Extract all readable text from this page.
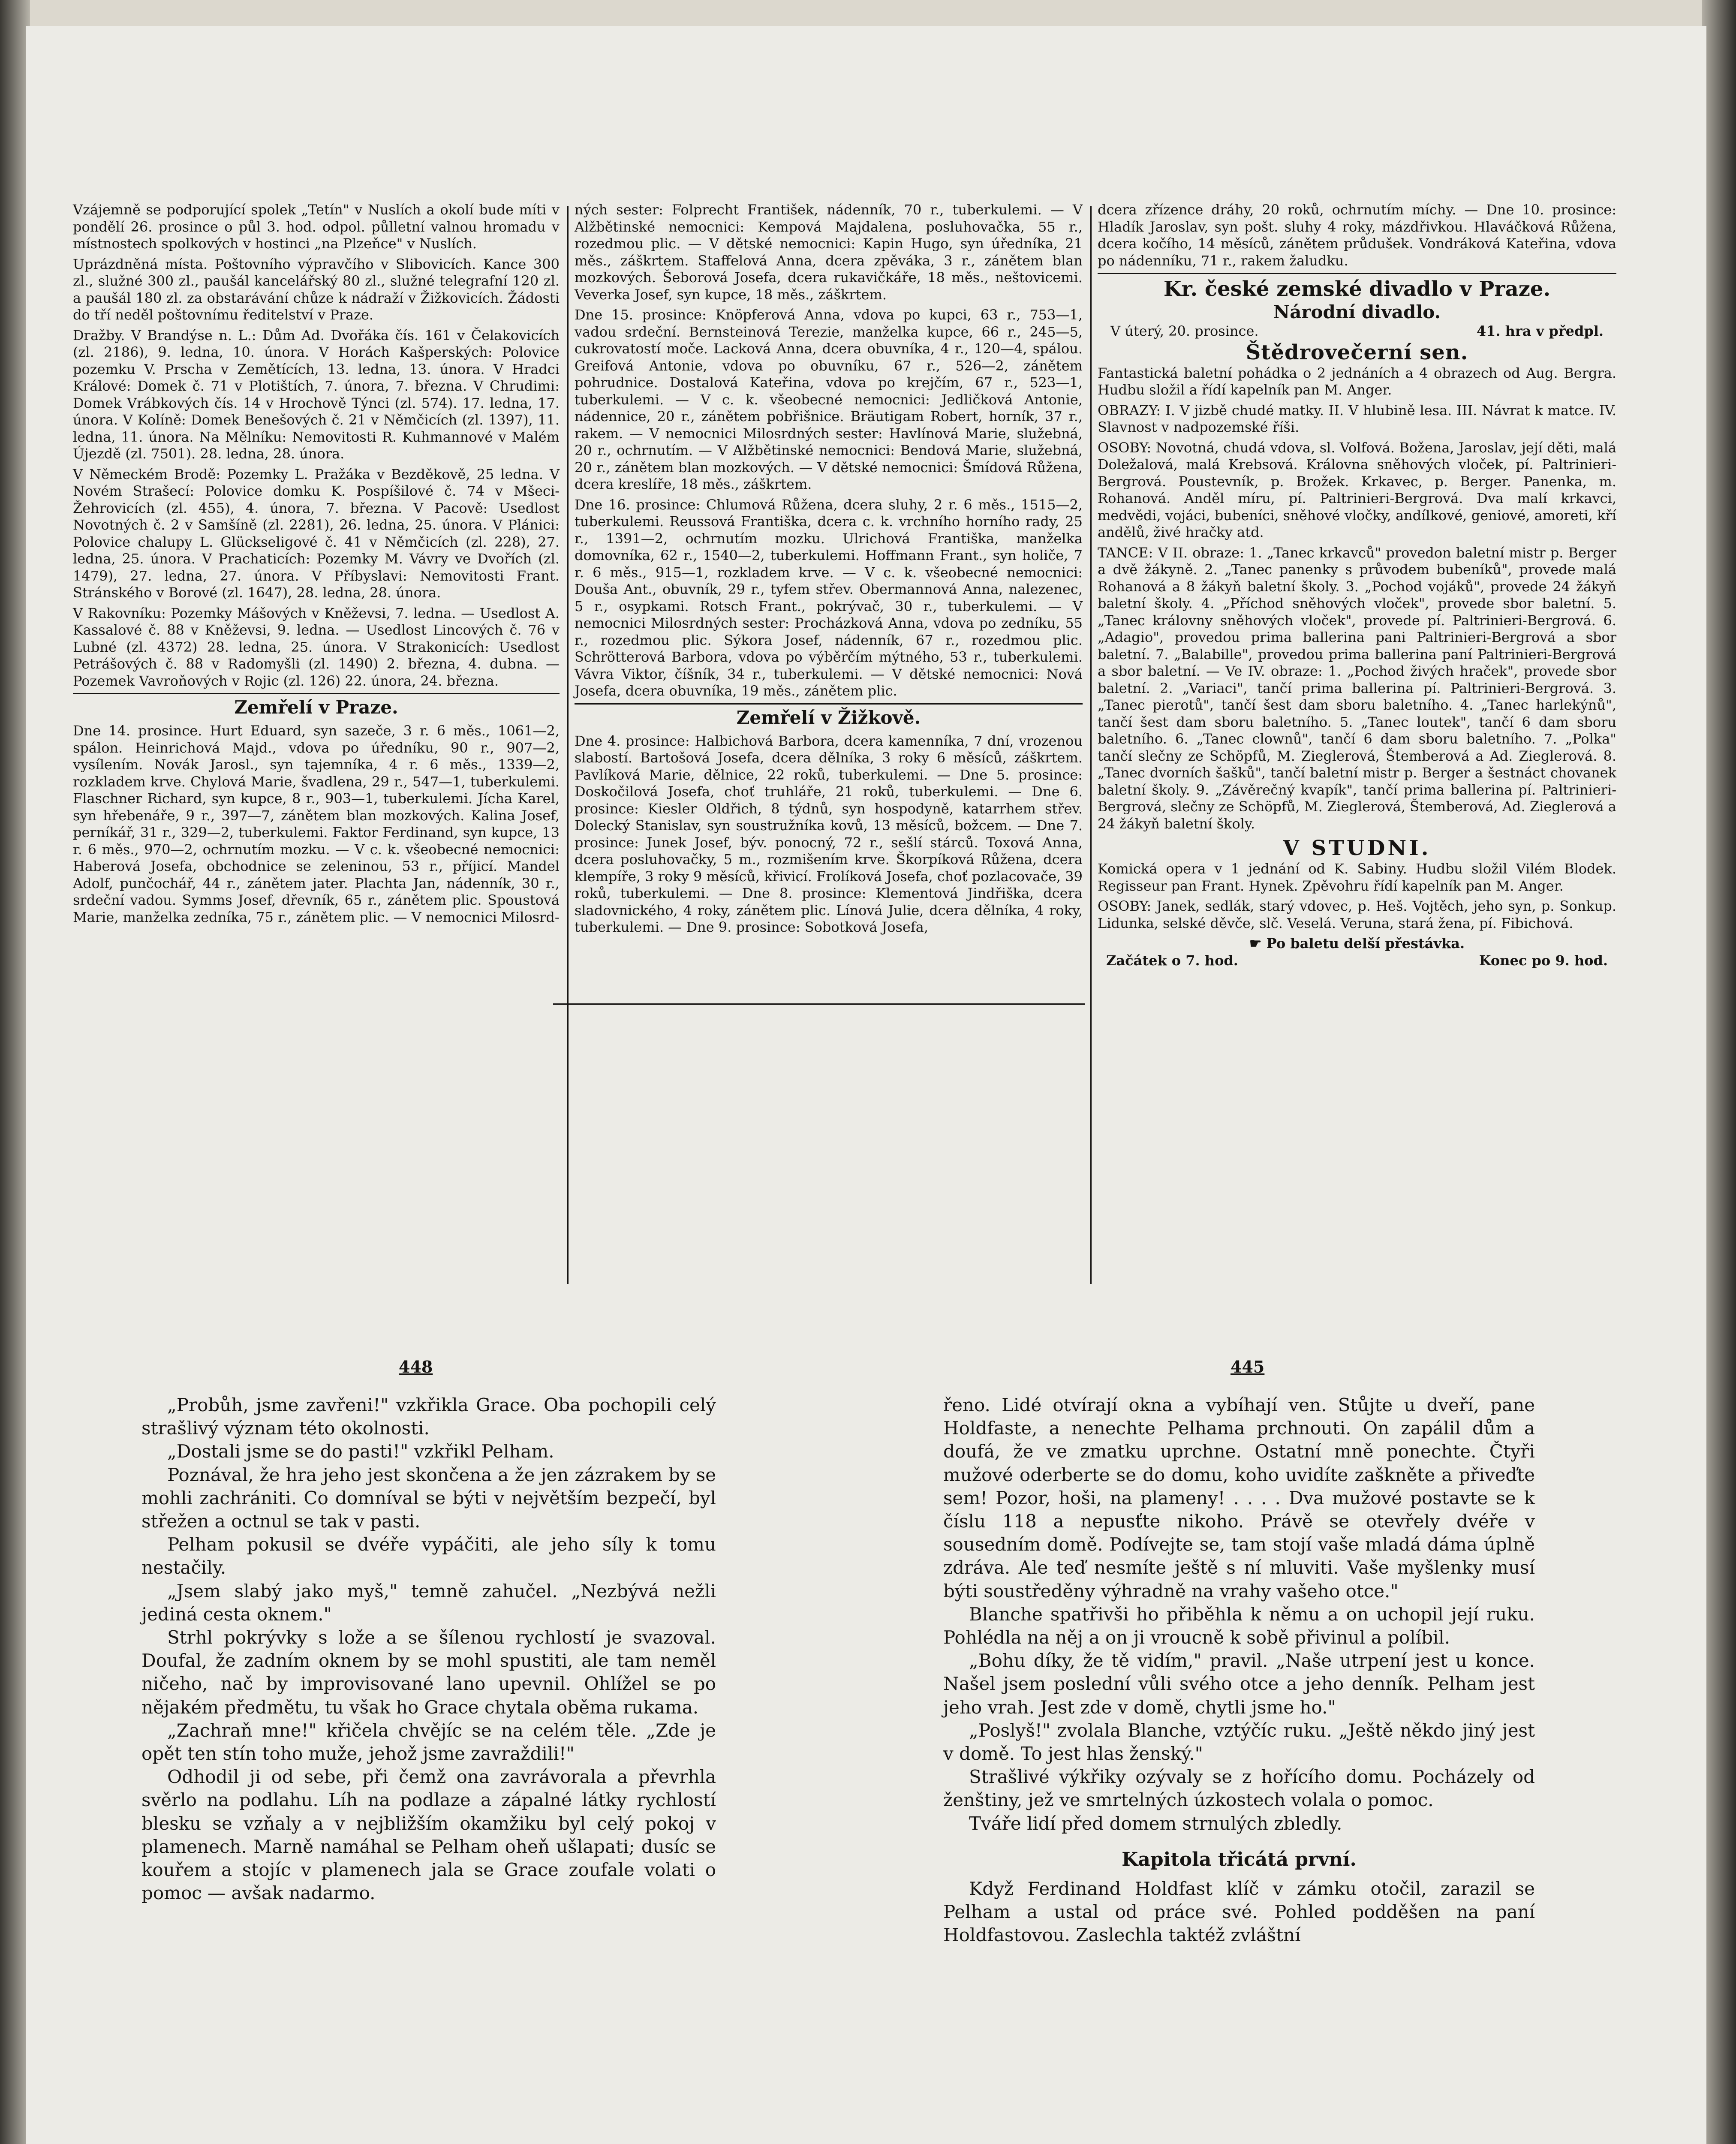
Vzájemně se podporující spolek „Tetín" v Nuslích a okolí bude míti v pondělí 26. prosince o půl 3. hod. odpol. půlletní valnou hromadu v místnostech spolkových v hostinci „na Plzeňce" v Nuslích.

Uprázdněná místa. Poštovního výpravčího v Slibovicích. Kance 300 zl., služné 300 zl., paušál kancelářský 80 zl., služné telegrafní 120 zl. a paušál 180 zl. za obstarávání chůze k nádraží v Žižkovicích. Žádosti do tří neděl poštovnímu ředitelství v Praze.

Dražby. V Brandýse n. L.: Dům Ad. Dvořáka čís. 161 v Čelakovicích (zl. 2186), 9. ledna, 10. února. V Horách Kašperských: Polovice pozemku V. Prscha v Zemětících, 13. ledna, 13. února. V Hradci Králové: Domek č. 71 v Plotištích, 7. února, 7. března. V Chrudimi: Domek Vrábkových čís. 14 v Hrochově Týnci (zl. 574). 17. ledna, 17. února. V Kolíně: Domek Benešových č. 21 v Němčicích (zl. 1397), 11. ledna, 11. února. Na Mělníku: Nemovitosti R. Kuhmannové v Malém Újezdě (zl. 7501). 28. ledna, 28. února.

V Německém Brodě: Pozemky L. Pražáka v Bezděkově, 25 ledna. V Novém Strašecí: Polovice domku K. Pospíšilové č. 74 v Mšeci-Žehrovicích (zl. 455), 4. února, 7. března. V Pacově: Usedlost Novotných č. 2 v Samšíně (zl. 2281), 26. ledna, 25. února. V Plánici: Polovice chalupy L. Glückseligové č. 41 v Němčicích (zl. 228), 27. ledna, 25. února. V Prachaticích: Pozemky M. Vávry ve Dvořích (zl. 1479), 27. ledna, 27. února. V Příbyslavi: Nemovitosti Frant. Stránského v Borové (zl. 1647), 28. ledna, 28. února.

V Rakovníku: Pozemky Mášových v Kněževsi, 7. ledna. — Usedlost A. Kassalové č. 88 v Kněževsi, 9. ledna. — Usedlost Lincových č. 76 v Lubné (zl. 4372) 28. ledna, 25. února. V Strakonicích: Usedlost Petrášových č. 88 v Radomyšli (zl. 1490) 2. března, 4. dubna. — Pozemek Vavroňových v Rojic (zl. 126) 22. února, 24. března.

Zemřelí v Praze.

Dne 14. prosince. Hurt Eduard, syn sazeče, 3 r. 6 měs., 1061—2, spálon. Heinrichová Majd., vdova po úředníku, 90 r., 907—2, vysílením. Novák Jarosl., syn tajemníka, 4 r. 6 měs., 1339—2, rozkladem krve. Chylová Marie, švadlena, 29 r., 547—1, tuberkulemi. Flaschner Richard, syn kupce, 8 r., 903—1, tuberkulemi. Jícha Karel, syn hřebenáře, 9 r., 397—7, zánětem blan mozkových. Kalina Josef, perníkář, 31 r., 329—2, tuberkulemi. Faktor Ferdinand, syn kupce, 13 r. 6 měs., 970—2, ochrnutím mozku. — V c. k. všeobecné nemocnici: Haberová Josefa, obchodnice se zeleninou, 53 r., příjicí. Mandel Adolf, punčochář, 44 r., zánětem jater. Plachta Jan, nádenník, 30 r., srdeční vadou. Symms Josef, dřevník, 65 r., zánětem plic. Spoustová Marie, manželka zedníka, 75 r., zánětem plic. — V nemocnici Milosrd-

ných sester: Folprecht František, nádenník, 70 r., tuberkulemi. — V Alžbětinské nemocnici: Kempová Majdalena, posluhovačka, 55 r., rozedmou plic. — V dětské nemocnici: Kapin Hugo, syn úředníka, 21 měs., záškrtem. Staffelová Anna, dcera zpěváka, 3 r., zánětem blan mozkových. Šeborová Josefa, dcera rukavičkáře, 18 měs., neštovicemi. Veverka Josef, syn kupce, 18 měs., záškrtem.

Dne 15. prosince: Knöpferová Anna, vdova po kupci, 63 r., 753—1, vadou srdeční. Bernsteinová Terezie, manželka kupce, 66 r., 245—5, cukrovatostí moče. Lacková Anna, dcera obuvníka, 4 r., 120—4, spálou. Greifová Antonie, vdova po obuvníku, 67 r., 526—2, zánětem pohrudnice. Dostalová Kateřina, vdova po krejčím, 67 r., 523—1, tuberkulemi. — V c. k. všeobecné nemocnici: Jedličková Antonie, nádennice, 20 r., zánětem pobřišnice. Bräutigam Robert, horník, 37 r., rakem. — V nemocnici Milosrdných sester: Havlínová Marie, služebná, 20 r., ochrnutím. — V Alžbětinské nemocnici: Bendová Marie, služebná, 20 r., zánětem blan mozkových. — V dětské nemocnici: Šmídová Růžena, dcera kreslíře, 18 měs., záškrtem.

Dne 16. prosince: Chlumová Růžena, dcera sluhy, 2 r. 6 měs., 1515—2, tuberkulemi. Reussová Františka, dcera c. k. vrchního horního rady, 25 r., 1391—2, ochrnutím mozku. Ulrichová Františka, manželka domovníka, 62 r., 1540—2, tuberkulemi. Hoffmann Frant., syn holiče, 7 r. 6 měs., 915—1, rozkladem krve. — V c. k. všeobecné nemocnici: Douša Ant., obuvník, 29 r., tyfem střev. Obermannová Anna, nalezenec, 5 r., osypkami. Rotsch Frant., pokrývač, 30 r., tuberkulemi. — V nemocnici Milosrdných sester: Procházková Anna, vdova po zedníku, 55 r., rozedmou plic. Sýkora Josef, nádenník, 67 r., rozedmou plic. Schrötterová Barbora, vdova po výběrčím mýtného, 53 r., tuberkulemi. Vávra Viktor, číšník, 34 r., tuberkulemi. — V dětské nemocnici: Nová Josefa, dcera obuvníka, 19 měs., zánětem plic.

Zemřelí v Žižkově.

Dne 4. prosince: Halbichová Barbora, dcera kamenníka, 7 dní, vrozenou slabostí. Bartošová Josefa, dcera dělníka, 3 roky 6 měsíců, záškrtem. Pavlíková Marie, dělnice, 22 roků, tuberkulemi. — Dne 5. prosince: Doskočilová Josefa, choť truhláře, 21 roků, tuberkulemi. — Dne 6. prosince: Kiesler Oldřich, 8 týdnů, syn hospodyně, katarrhem střev. Dolecký Stanislav, syn soustružníka kovů, 13 měsíců, božcem. — Dne 7. prosince: Junek Josef, býv. ponocný, 72 r., sešlí stárců. Toxová Anna, dcera posluhovačky, 5 m., rozmišením krve. Škorpíková Růžena, dcera klempíře, 3 roky 9 měsíců, křivicí. Frolíková Josefa, choť pozlacovače, 39 roků, tuberkulemi. — Dne 8. prosince: Klementová Jindřiška, dcera sladovnického, 4 roky, zánětem plic. Línová Julie, dcera dělníka, 4 roky, tuberkulemi. — Dne 9. prosince: Sobotková Josefa,

dcera zřízence dráhy, 20 roků, ochrnutím míchy. — Dne 10. prosince: Hladík Jaroslav, syn pošt. sluhy 4 roky, mázdřivkou. Hlaváčková Růžena, dcera kočího, 14 měsíců, zánětem průdušek. Vondráková Kateřina, vdova po nádenníku, 71 r., rakem žaludku.

Kr. české zemské divadlo v Praze.
Národní divadlo.
V úterý, 20. prosince.	41. hra v předpl.
Štědrovečerní sen.

Fantastická baletní pohádka o 2 jednáních a 4 obrazech od Aug. Bergra. Hudbu složil a řídí kapelník pan M. Anger.

OBRAZY: I. V jizbě chudé matky. II. V hlubině lesa. III. Návrat k matce. IV. Slavnost v nadpozemské říši.

OSOBY: Novotná, chudá vdova, sl. Volfová. Božena, Jaroslav, její děti, malá Doležalová, malá Krebsová. Královna sněhových vloček, pí. Paltrinieri-Bergrová. Poustevník, p. Brožek. Krkavec, p. Berger. Panenka, m. Rohanová. Anděl míru, pí. Paltrinieri-Bergrová. Dva malí krkavci, medvědi, vojáci, bubeníci, sněhové vločky, andílkové, geniové, amoreti, kří andělů, živé hračky atd.

TANCE: V II. obraze: 1. „Tanec krkavců" provedon baletní mistr p. Berger a dvě žákyně. 2. „Tanec panenky s průvodem bubeníků", provede malá Rohanová a 8 žákyň baletní školy. 3. „Pochod vojáků", provede 24 žákyň baletní školy. 4. „Příchod sněhových vloček", provede sbor baletní. 5. „Tanec královny sněhových vloček", provede pí. Paltrinieri-Bergrová. 6. „Adagio", provedou prima ballerina pani Paltrinieri-Bergrová a sbor baletní. 7. „Balabille", provedou prima ballerina paní Paltrinieri-Bergrová a sbor baletní. — Ve IV. obraze: 1. „Pochod živých hraček", provede sbor baletní. 2. „Variaci", tančí prima ballerina pí. Paltrinieri-Bergrová. 3. „Tanec pierotů", tančí šest dam sboru baletního. 4. „Tanec harlekýnů", tančí šest dam sboru baletního. 5. „Tanec loutek", tančí 6 dam sboru baletního. 6. „Tanec clownů", tančí 6 dam sboru baletního. 7. „Polka" tančí slečny ze Schöpfů, M. Zieglerová, Štemberová a Ad. Zieglerová. 8. „Tanec dvorních šašků", tančí baletní mistr p. Berger a šestnáct chovanek baletní školy. 9. „Závěrečný kvapík", tančí prima ballerina pí. Paltrinieri-Bergrová, slečny ze Schöpfů, M. Zieglerová, Štemberová, Ad. Zieglerová a 24 žákyň baletní školy.

V STUDNI.

Komická opera v 1 jednání od K. Sabiny. Hudbu složil Vilém Blodek. Regisseur pan Frant. Hynek. Zpěvohru řídí kapelník pan M. Anger.

OSOBY: Janek, sedlák, starý vdovec, p. Heš. Vojtěch, jeho syn, p. Sonkup. Lidunka, selské děvče, slč. Veselá. Veruna, stará žena, pí. Fibichová.

☛ Po baletu delší přestávka.
Začátek o 7. hod.	Konec po 9. hod.
448	445

„Probůh, jsme zavřeni!" vzkřikla Grace. Oba pochopili celý strašlivý význam této okolnosti.

„Dostali jsme se do pasti!" vzkřikl Pelham.

Poznával, že hra jeho jest skončena a že jen zázrakem by se mohli zachrániti. Co domníval se býti v největším bezpečí, byl střežen a octnul se tak v pasti.

Pelham pokusil se dvéře vypáčiti, ale jeho síly k tomu nestačily.

„Jsem slabý jako myš," temně zahučel. „Nezbývá nežli jediná cesta oknem."

Strhl pokrývky s lože a se šílenou rychlostí je svazoval. Doufal, že zadním oknem by se mohl spustiti, ale tam neměl ničeho, nač by improvisované lano upevnil. Ohlížel se po nějakém předmětu, tu však ho Grace chytala oběma rukama.

„Zachraň mne!" křičela chvějíc se na celém těle. „Zde je opět ten stín toho muže, jehož jsme zavraždili!"

Odhodil ji od sebe, při čemž ona zavrávorala a převrhla svěrlo na podlahu. Líh na podlaze a zápalné látky rychlostí blesku se vzňaly a v nejbližším okamžiku byl celý pokoj v plamenech. Marně namáhal se Pelham oheň ušlapati; dusíc se kouřem a stojíc v plamenech jala se Grace zoufale volati o pomoc — avšak nadarmo.

řeno. Lidé otvírají okna a vybíhají ven. Stůjte u dveří, pane Holdfaste, a nenechte Pelhama prchnouti. On zapálil dům a doufá, že ve zmatku uprchne. Ostatní mně ponechte. Čtyři mužové oderberte se do domu, koho uvidíte zaškněte a přiveďte sem! Pozor, hoši, na plameny! . . . . Dva mužové postavte se k číslu 118 a nepusťte nikoho. Právě se otevřely dvéře v sousedním domě. Podívejte se, tam stojí vaše mladá dáma úplně zdráva. Ale teď nesmíte ještě s ní mluviti. Vaše myšlenky musí býti soustředěny výhradně na vrahy vašeho otce."

Blanche spatřivši ho přiběhla k němu a on uchopil její ruku. Pohlédla na něj a on ji vroucně k sobě přivinul a políbil.

„Bohu díky, že tě vidím," pravil. „Naše utrpení jest u konce. Našel jsem poslední vůli svého otce a jeho denník. Pelham jest jeho vrah. Jest zde v domě, chytli jsme ho."

„Poslyš!" zvolala Blanche, vztýčíc ruku. „Ještě někdo jiný jest v domě. To jest hlas ženský."

Strašlivé výkřiky ozývaly se z hořícího domu. Pocházely od ženštiny, jež ve smrtelných úzkostech volala o pomoc.

Tváře lidí před domem strnulých zbledly.

Kapitola třicátá první.

Když Ferdinand Holdfast klíč v zámku otočil, zarazil se Pelham a ustal od práce své. Pohled podděšen na paní Holdfastovou. Zaslechla taktéž zvláštní
